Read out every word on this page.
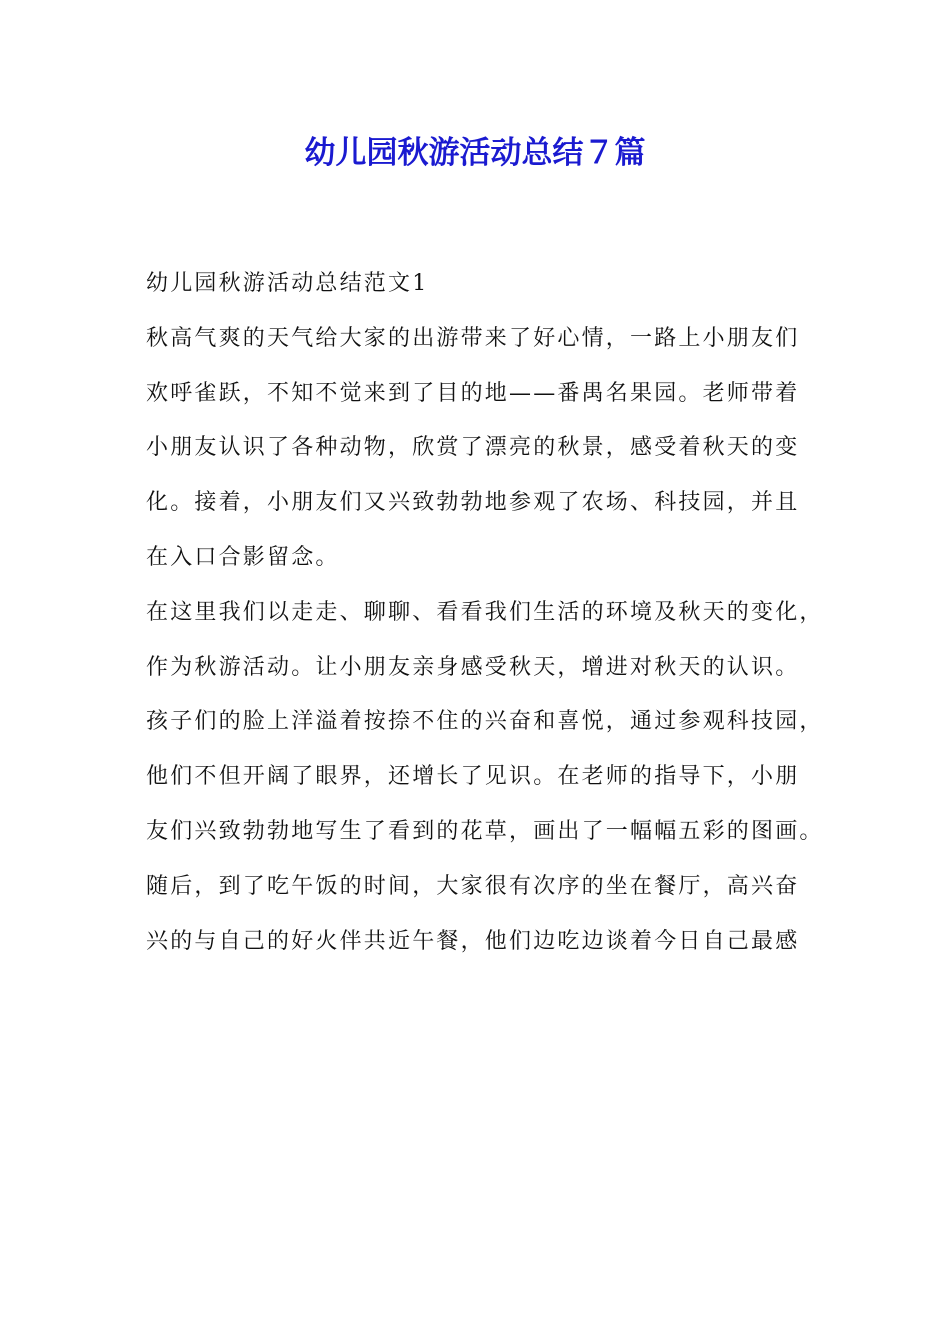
幼儿园秋游活动总结７篇
幼儿园秋游活动总结范文1
秋高气爽的天气给大家的出游带来了好心情，一路上小朋友们
欢呼雀跃，不知不觉来到了目的地——番禺名果园。老师带着
小朋友认识了各种动物，欣赏了漂亮的秋景，感受着秋天的变
化。接着，小朋友们又兴致勃勃地参观了农场、科技园，并且
在入口合影留念。
在这里我们以走走、聊聊、看看我们生活的环境及秋天的变化，
作为秋游活动。让小朋友亲身感受秋天，增进对秋天的认识。
孩子们的脸上洋溢着按捺不住的兴奋和喜悦，通过参观科技园，
他们不但开阔了眼界，还增长了见识。在老师的指导下，小朋
友们兴致勃勃地写生了看到的花草，画出了一幅幅五彩的图画。
随后，到了吃午饭的时间，大家很有次序的坐在餐厅，高兴奋
兴的与自己的好火伴共近午餐，他们边吃边谈着今日自己最感
